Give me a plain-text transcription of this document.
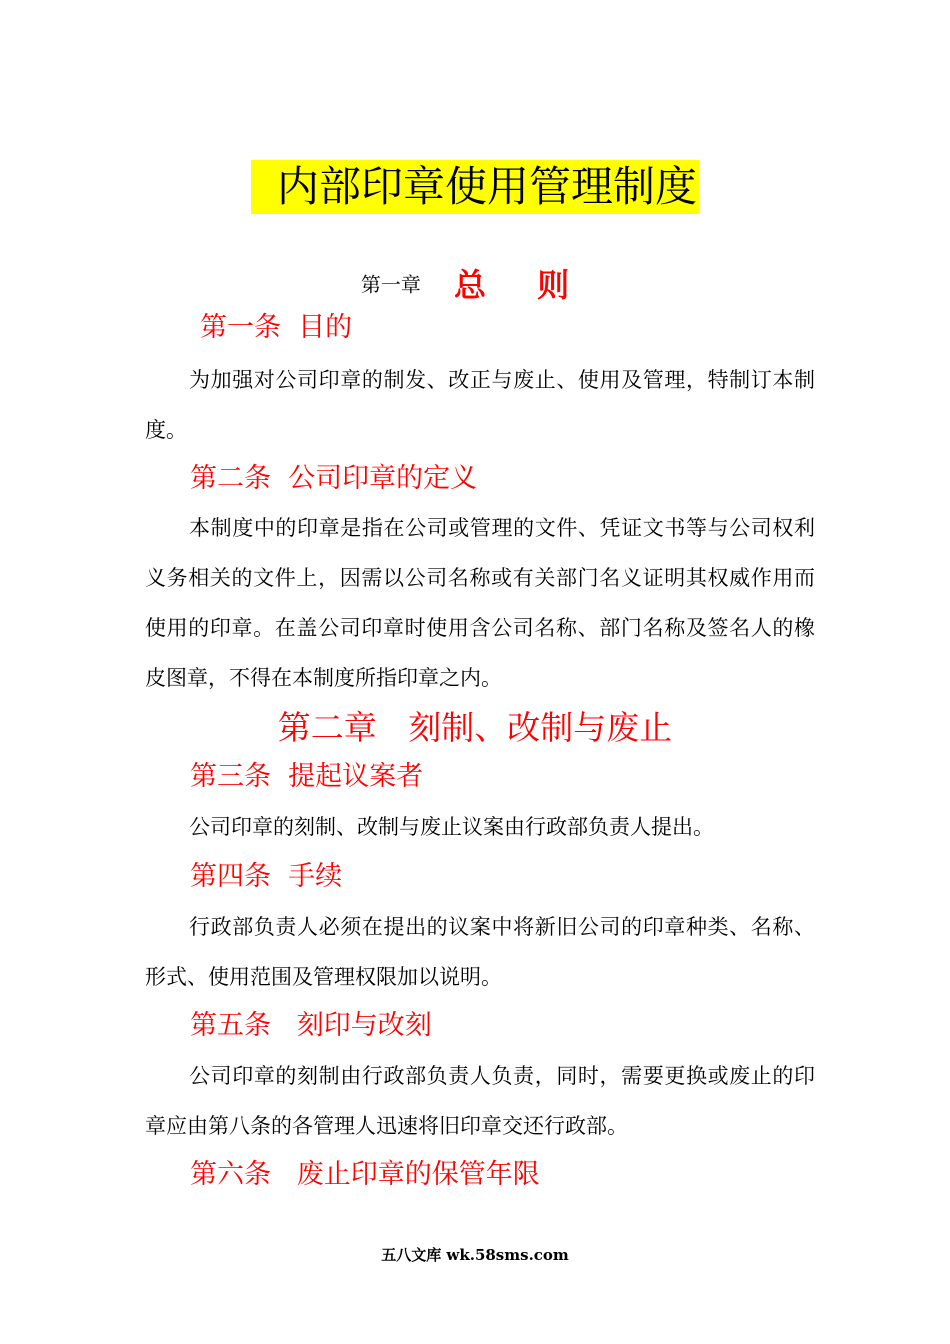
内部印章使用管理制度
第一章 总 则
第一条  目的
为加强对公司印章的制发、改正与废止、使用及管理，特制订本制度。
第二条  公司印章的定义
本制度中的印章是指在公司或管理的文件、凭证文书等与公司权利义务相关的文件上，因需以公司名称或有关部门名义证明其权威作用而使用的印章。在盖公司印章时使用含公司名称、部门名称及签名人的橡皮图章，不得在本制度所指印章之内。
第二章   刻制、改制与废止
第三条  提起议案者
公司印章的刻制、改制与废止议案由行政部负责人提出。
第四条  手续
行政部负责人必须在提出的议案中将新旧公司的印章种类、名称、形式、使用范围及管理权限加以说明。
第五条   刻印与改刻
公司印章的刻制由行政部负责人负责，同时，需要更换或废止的印章应由第八条的各管理人迅速将旧印章交还行政部。
第六条   废止印章的保管年限
五八文库 wk.58sms.com
